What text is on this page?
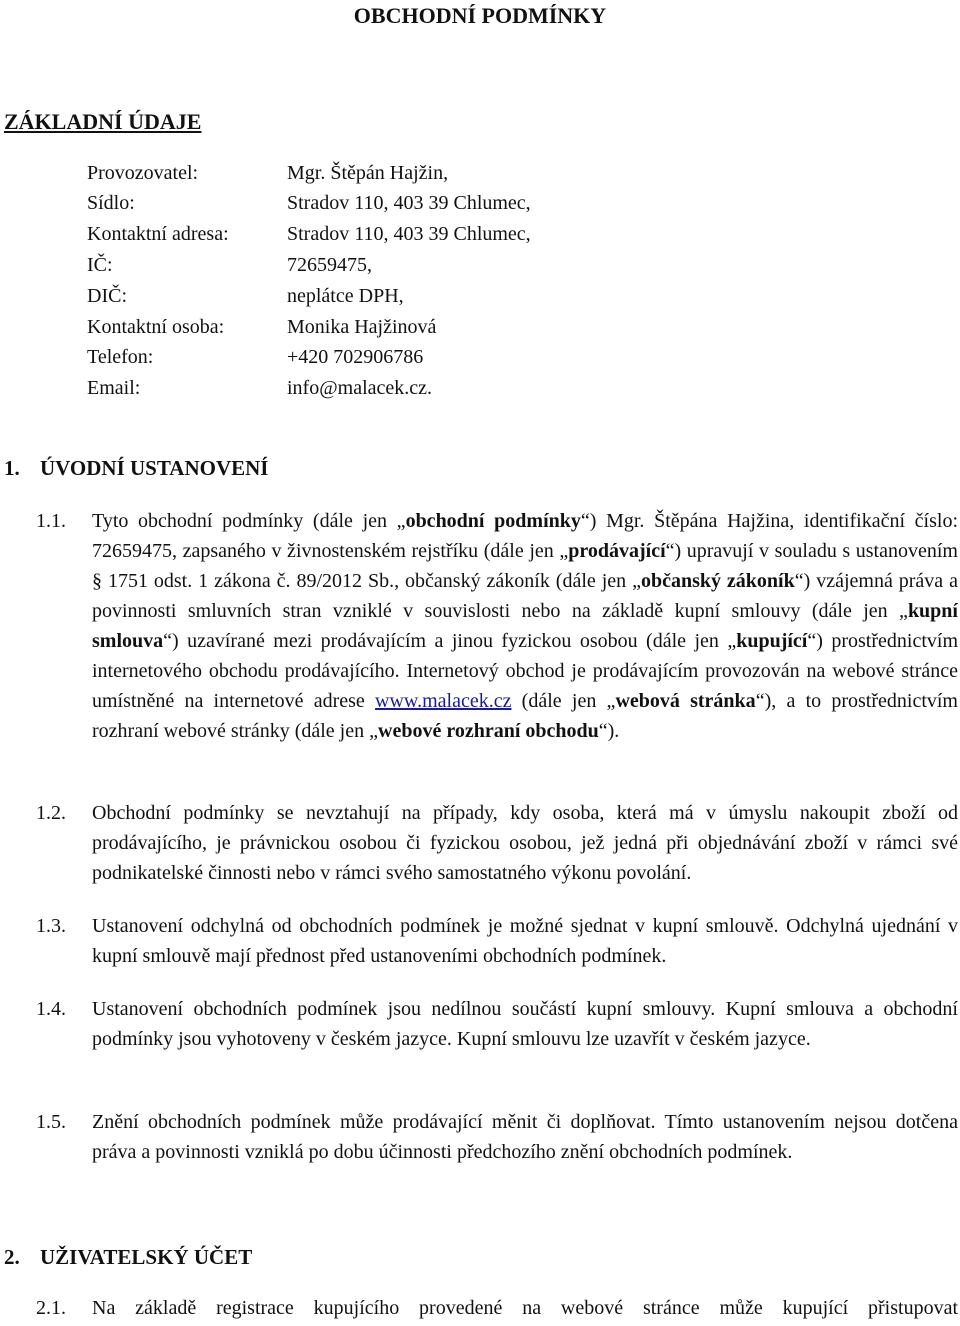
OBCHODNÍ PODMÍNKY
ZÁKLADNÍ ÚDAJE
Provozovatel:	Mgr. Štěpán Hajžin,
Sídlo:	Stradov 110, 403 39 Chlumec,
Kontaktní adresa:	Stradov 110, 403 39 Chlumec,
IČ:	72659475,
DIČ:	neplátce DPH,
Kontaktní osoba:	Monika Hajžinová
Telefon:	+420 702906786
Email:	info@malacek.cz.
1. ÚVODNÍ USTANOVENÍ
1.1. Tyto obchodní podmínky (dále jen „obchodní podmínky“) Mgr. Štěpána Hajžina, identifikační číslo: 72659475, zapsaného v živnostenském rejstříku (dále jen „prodávající“) upravují v souladu s ustanovením § 1751 odst. 1 zákona č. 89/2012 Sb., občanský zákoník (dále jen „občanský zákoník“) vzájemná práva a povinnosti smluvních stran vzniklé v souvislosti nebo na základě kupní smlouvy (dále jen „kupní smlouva“) uzavírané mezi prodávajícím a jinou fyzickou osobou (dále jen „kupující“) prostřednictvím internetového obchodu prodávajícího. Internetový obchod je prodávajícím provozován na webové stránce umístněné na internetové adrese www.malacek.cz (dále jen „webová stránka“), a to prostřednictvím rozhraní webové stránky (dále jen „webové rozhraní obchodu“).
1.2. Obchodní podmínky se nevztahují na případy, kdy osoba, která má v úmyslu nakoupit zboží od prodávajícího, je právnickou osobou či fyzickou osobou, jež jedná při objednávání zboží v rámci své podnikatelské činnosti nebo v rámci svého samostatného výkonu povolání.
1.3. Ustanovení odchylná od obchodních podmínek je možné sjednat v kupní smlouvě. Odchylná ujednání v kupní smlouvě mají přednost před ustanoveními obchodních podmínek.
1.4. Ustanovení obchodních podmínek jsou nedílnou součástí kupní smlouvy. Kupní smlouva a obchodní podmínky jsou vyhotoveny v českém jazyce. Kupní smlouvu lze uzavřít v českém jazyce.
1.5. Znění obchodních podmínek může prodávající měnit či doplňovat. Tímto ustanovením nejsou dotčena práva a povinnosti vzniklá po dobu účinnosti předchozího znění obchodních podmínek.
2. UŽIVATELSKÝ ÚČET
2.1. Na základě registrace kupujícího provedené na webové stránce může kupující přistupovat
